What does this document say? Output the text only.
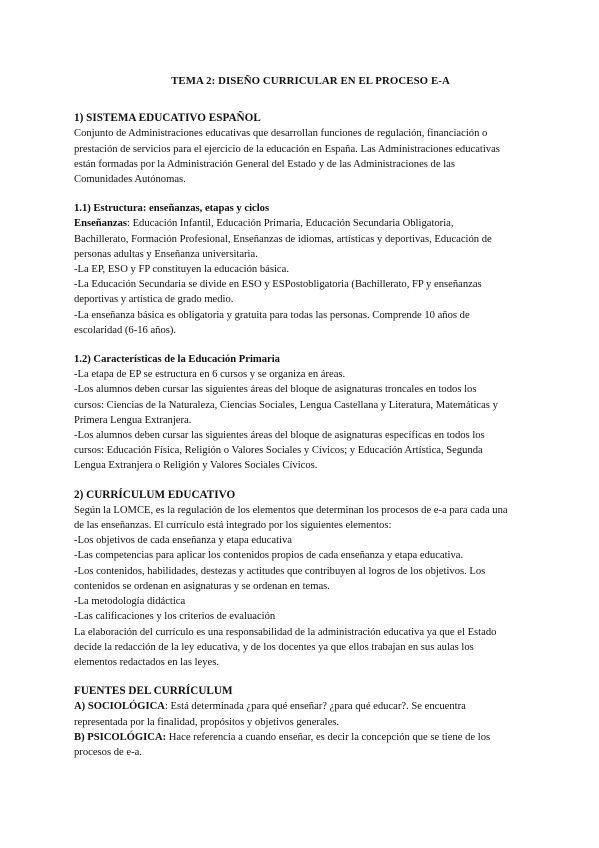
TEMA 2: DISEÑO CURRICULAR EN EL PROCESO E-A

1) SISTEMA EDUCATIVO ESPAÑOL

Conjunto de Administraciones educativas que desarrollan funciones de regulación, financiación o

prestación de servicios para el ejercicio de la educación en España. Las Administraciones educativas

están formadas por la Administración General del Estado y de las Administraciones de las

Comunidades Autónomas.

1.1) Estructura: enseñanzas, etapas y ciclos

Enseñanzas: Educación Infantil, Educación Primaria, Educación Secundaria Obligatoria,

Bachillerato, Formación Profesional, Enseñanzas de idiomas, artísticas y deportivas, Educación de

personas adultas y Enseñanza universitaria.

-La EP, ESO y FP constituyen la educación básica.

-La Educación Secundaria se divide en ESO y ESPostobligatoria (Bachillerato, FP y enseñanzas

deportivas y artística de grado medio.

-La enseñanza básica es obligatoria y gratuita para todas las personas. Comprende 10 años de

escolaridad (6-16 años).

1.2) Características de la Educación Primaria

-La etapa de EP se estructura en 6 cursos y se organiza en áreas.

-Los alumnos deben cursar las siguientes áreas del bloque de asignaturas troncales en todos los

cursos: Ciencias de la Naturaleza, Ciencias Sociales, Lengua Castellana y Literatura, Matemáticas y

Primera Lengua Extranjera.

-Los alumnos deben cursar las siguientes áreas del bloque de asignaturas específicas en todos los

cursos: Educación Física, Religión o Valores Sociales y Cívicos; y Educación Artística, Segunda

Lengua Extranjera o Religión y Valores Sociales Cívicos.

2) CURRÍCULUM EDUCATIVO

Según la LOMCE, es la regulación de los elementos que determinan los procesos de e-a para cada una

de las enseñanzas. El currículo está integrado por los siguientes elementos:

-Los objetivos de cada enseñanza y etapa educativa

-Las competencias para aplicar los contenidos propios de cada enseñanza y etapa educativa.

-Los contenidos, habilidades, destezas y actitudes que contribuyen al logros de los objetivos. Los

contenidos se ordenan en asignaturas y se ordenan en temas.

-La metodología didáctica

-Las calificaciones y los criterios de evaluación

La elaboración del currículo es una responsabilidad de la administración educativa ya que el Estado

decide la redacción de la ley educativa, y de los docentes ya que ellos trabajan en sus aulas los

elementos redactados en las leyes.

FUENTES DEL CURRÍCULUM

A) SOCIOLÓGICA: Está determinada ¿para qué enseñar? ¿para qué educar?. Se encuentra

representada por la finalidad, propósitos y objetivos generales.

B) PSICOLÓGICA: Hace referencia a cuando enseñar, es decir la concepción que se tiene de los

procesos de e-a.
